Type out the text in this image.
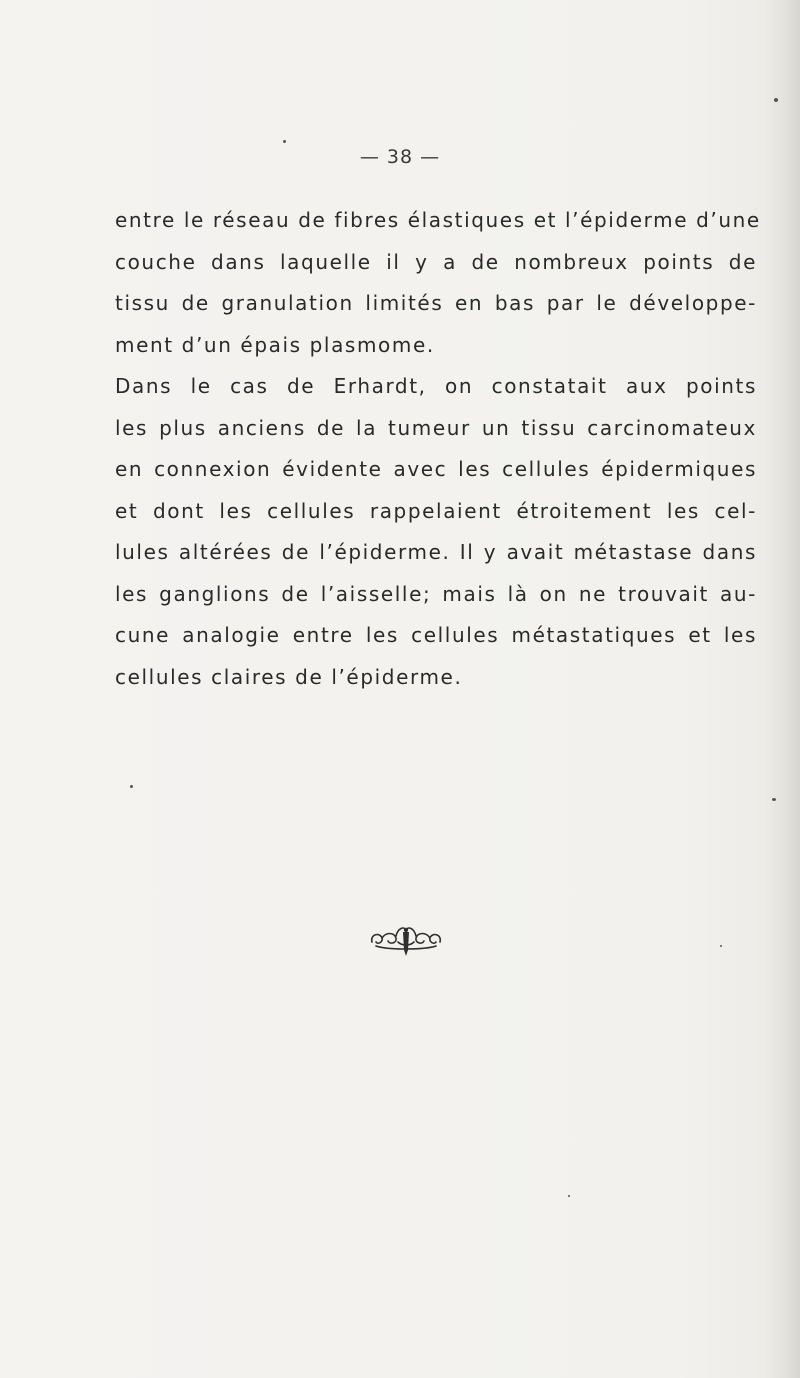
— 38 —
entre le réseau de fibres élastiques et l’épiderme d’une
couche dans laquelle il y a de nombreux points de
tissu de granulation limités en bas par le développe-
ment d’un épais plasmome.
Dans le cas de Erhardt, on constatait aux points
les plus anciens de la tumeur un tissu carcinomateux
en connexion évidente avec les cellules épidermiques
et dont les cellules rappelaient étroitement les cel-
lules altérées de l’épiderme. Il y avait métastase dans
les ganglions de l’aisselle; mais là on ne trouvait au-
cune analogie entre les cellules métastatiques et les
cellules claires de l’épiderme.
